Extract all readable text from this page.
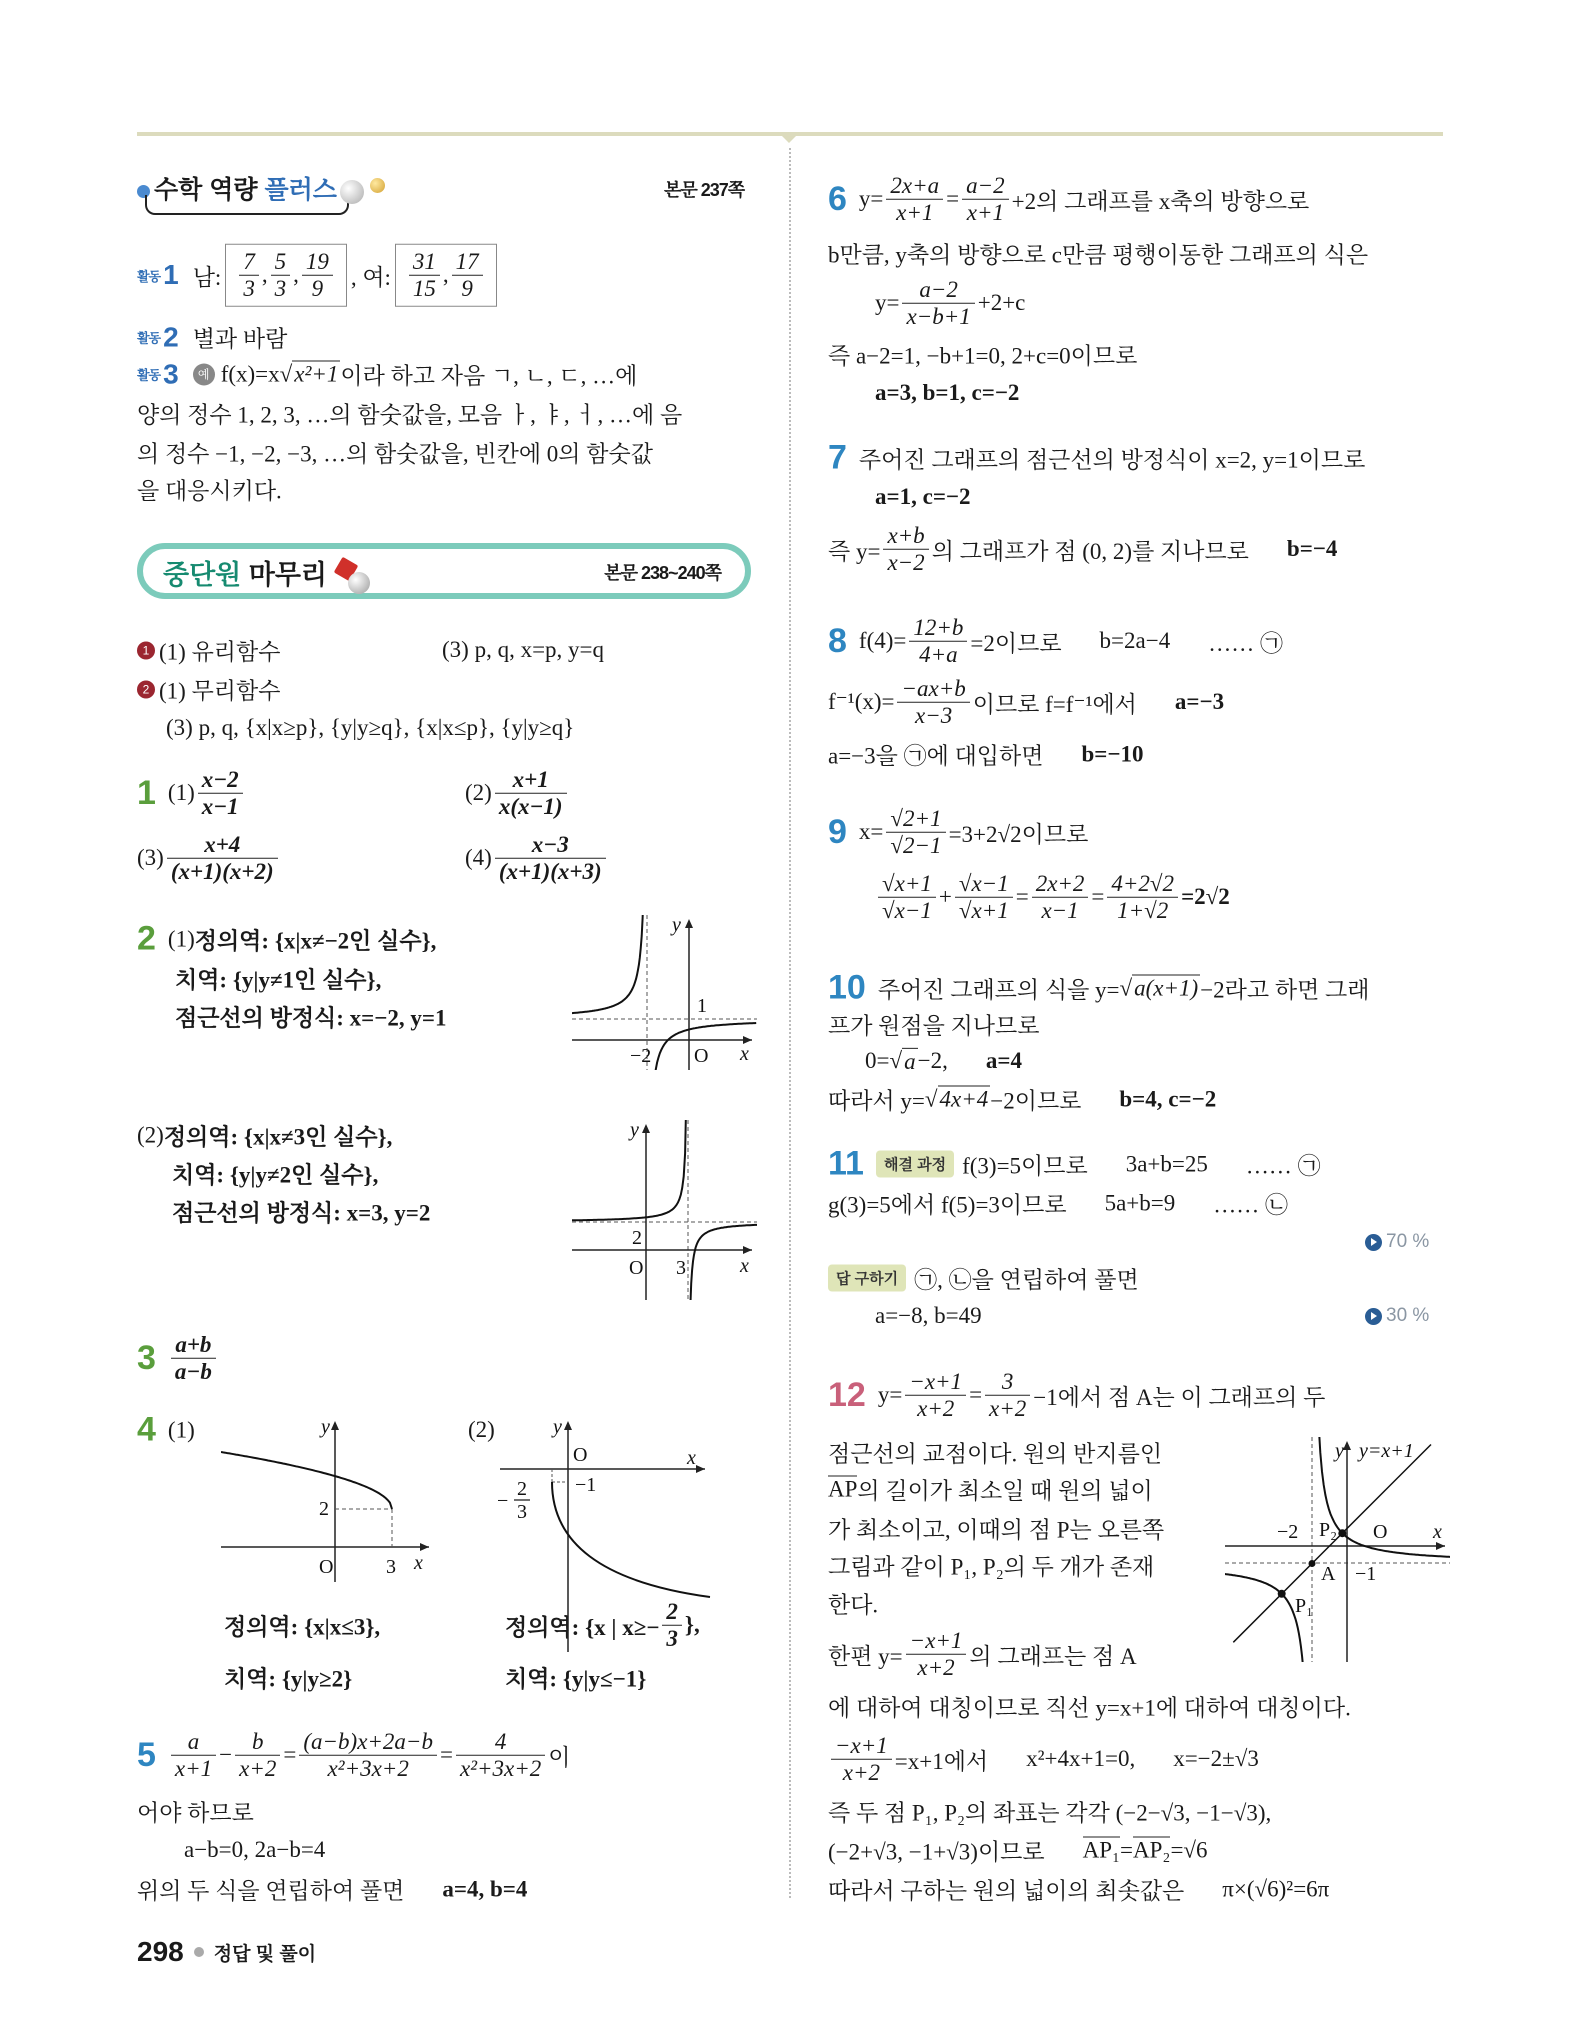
수학 역량 플러스	본문 237쪽
중단원 마무리	본문 238~240쪽
활동 1 남: $\frac{7}{3}$ , $\frac{5}{3}$ , $\frac{19}{9}$ , 여: $\frac{31}{15}$ , $\frac{17}{9}$
활동 2 별과 바람
활동 3	예 f(x)=x √ x²+1 이라 하고 자음 ㄱ, ㄴ, ㄷ, …에
양의 정수 1, 2, 3, …의 함숫값을, 모음 ㅏ, ㅑ, ㅓ, …에 음
의 정수 −1, −2, −3, …의 함숫값을, 빈칸에 0의 함숫값
을 대응시키다.
1 (1) 유리함수	(3) p, q, x=p, y=q
2 (1) 무리함수
(3) p, q, {x|x≥p}, {y|y≥q}, {x|x≤p}, {y|y≥q}
1 $(1) \frac{x-2}{x-1}$	$(2) \frac{x+1}{x(x-1)}$
$(3) \frac{x+4}{(x+1)(x+2)}$	$(4) \frac{x-3}{(x+1)(x+3)}$
2 (1) 정의역: {x|x≠−2인 실수},
치역: {y|y≠1인 실수},
점근선의 방정식: x=−2, y=1
(2) 정의역: {x|x≠3인 실수},
치역: {y|y≠2인 실수},
점근선의 방정식: x=3, y=2
$3 \frac{a+b}{a-b}$
4 (1)	(2)
정의역: {x|x≤3},	정의역: {x | $x\ge- \frac{2}{3}$ },
치역: {y|y≥2}	치역: {y|y≤−1}
$5 \frac{a}{x+1} - \frac{b}{x+2} = \frac{(a-b)x+2a-b}{\text{x²+3x+2}} = \frac{4}{\text{x²+3x+2}}$ 이
어야 하므로
a−b=0, 2a−b=4
위의 두 식을 연립하여 풀면 a=4, b=4
6 $y= \frac{2x+a}{x+1} = \frac{a-2}{x+1} +2$의 그래프를 x축의 방향으로
b만큼, y축의 방향으로 c만큼 평행이동한 그래프의 식은
$y= \frac{a-2}{x-b+1} +2+c$
즉 a−2=1, −b+1=0, 2+c=0이므로
a=3, b=1, c=−2
7 주어진 그래프의 점근선의 방정식이 x=2, y=1이므로
a=1, c=−2
즉 $y= \frac{x+b}{x-2}$ 의 그래프가 점 (0, 2)를 지나므로 b=−4
8 $f(4)= \frac{12+b}{4+a} =2$이므로 b=2a−4 …… ㉠
$f^{-1}(x)= \frac{-ax+b}{x-3}$ 이므로 f=f⁻¹에서 a=−3
a=−3을 ㉠에 대입하면 b=−10
9 $x= \frac{√2+1}{√2-1} =3+2√2$이므로
$\frac{√x+1}{√x-1} + \frac{√x-1}{√x+1} = \frac{2x+2}{x-1} = \frac{4+2√2}{1+√2} =2√2$
10 주어진 그래프의 식을 y= √ a(x+1) −2라고 하면 그래
프가 원점을 지나므로
0= √ a −2, a=4
따라서 y= √ 4x+4 −2이므로 b=4, c=−2
11	해결 과정 f(3)=5이므로 3a+b=25 …… ㉠
g(3)=5에서 f(5)=3이므로 5a+b=9 …… ㉡
70 %
답 구하기 ㉠, ㉡을 연립하여 풀면
a=−8, b=49	30 %
12 $y= \frac{-x+1}{x+2} = \frac{3}{x+2} -1$에서 점 A는 이 그래프의 두
점근선의 교점이다. 원의 반지름인
AP 의 길이가 최소일 때 원의 넓이
가 최소이고, 이때의 점 P는 오른쪽
그림과 같이 P₁, P₂의 두 개가 존재
한다.
한편 $y= \frac{-x+1}{x+2}$ 의 그래프는 점 A
에 대하여 대칭이므로 직선 y=x+1에 대하여 대칭이다.
$\frac{-x+1}{x+2} =x+1$에서 x²+4x+1=0, x=−2±√3
즉 두 점 P₁, P₂의 좌표는 각각 (−2−√3, −1−√3),
(−2+√3, −1+√3)이므로 AP₁ = AP₂ =√6
따라서 구하는 원의 넓이의 최솟값은 π×(√6)²=6π
y
1
−2 O x
y
2
O 3	x
y
2
O	3 x
y
O
−1
x
−
2
3
y y=x+1
−2 P₂ O x
A −1
P₁
298 정답 및 풀이
